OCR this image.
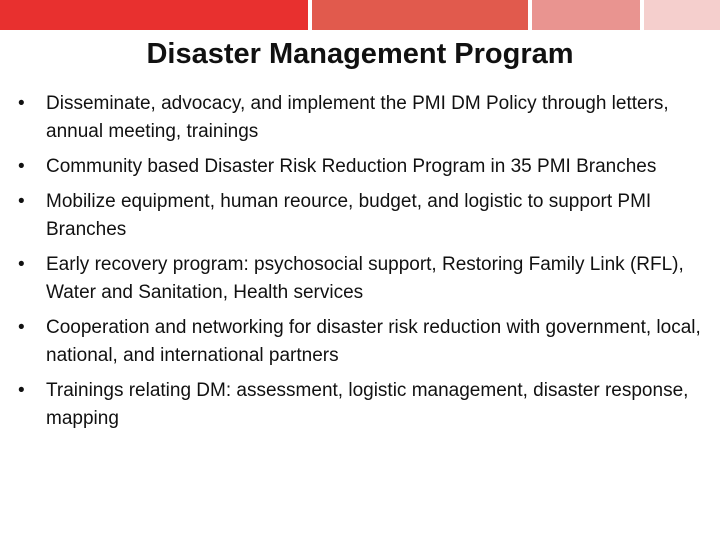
Disaster Management Program
•	Disseminate, advocacy, and implement the PMI DM Policy through letters, annual meeting, trainings
•	Community based Disaster Risk Reduction Program in 35 PMI Branches
•	Mobilize equipment, human reource, budget, and logistic to support PMI Branches
•	Early recovery program: psychosocial support, Restoring Family Link (RFL), Water and Sanitation, Health services
•	Cooperation and networking for disaster risk reduction with government, local, national, and international partners
•	Trainings relating DM: assessment, logistic management, disaster response, mapping
